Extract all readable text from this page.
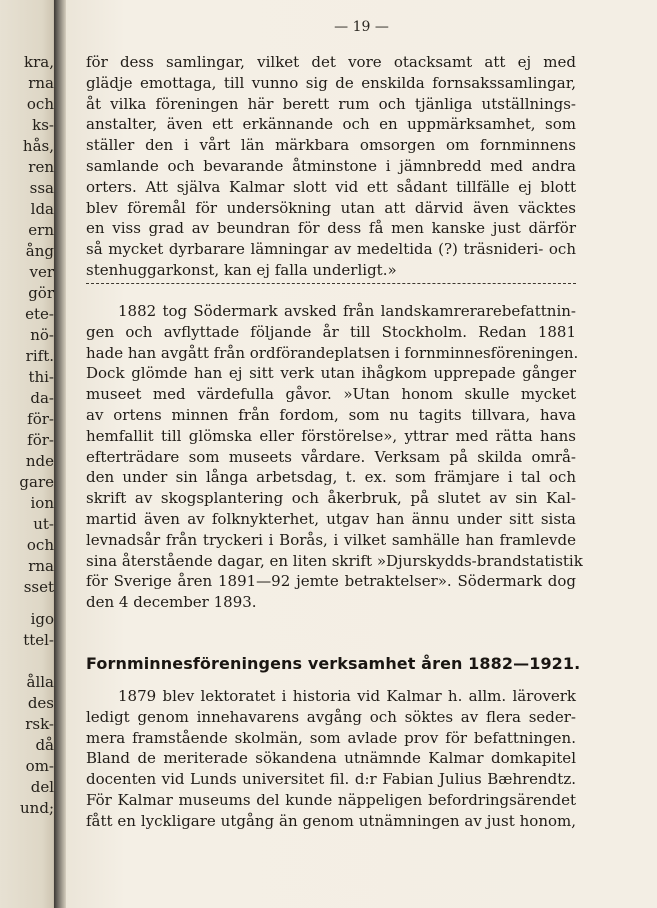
kra,
rna
och
ks-
hås,
ren
ssa
lda
ern
ång
ver
gör
ete-
nö-
rift.
thi-
da-
för-
för-
nde
gare
ion
ut-
och
rna
sset
igo
ttel-
ålla
des
rsk-
då
om-
del
und;
— 19 —
för dess samlingar, vilket det vore otacksamt att ej med
glädje emottaga, till vunno sig de enskilda fornsakssamlingar,
åt vilka föreningen här berett rum och tjänliga utställnings-
anstalter, även ett erkännande och en uppmärksamhet, som
ställer den i vårt län märkbara omsorgen om fornminnens
samlande och bevarande åtminstone i jämnbredd med andra
orters. Att själva Kalmar slott vid ett sådant tillfälle ej blott
blev föremål för undersökning utan att därvid även väcktes
en viss grad av beundran för dess få men kanske just därför
så mycket dyrbarare lämningar av medeltida (?) träsnideri- och
stenhuggarkonst, kan ej falla underligt.»
1882 tog Södermark avsked från landskamrerarebefattnin-
gen och avflyttade följande år till Stockholm. Redan 1881
hade han avgått från ordförandeplatsen i fornminnesföreningen.
Dock glömde han ej sitt verk utan ihågkom upprepade gånger
museet med värdefulla gåvor. »Utan honom skulle mycket
av ortens minnen från fordom, som nu tagits tillvara, hava
hemfallit till glömska eller förstörelse», yttrar med rätta hans
efterträdare som museets vårdare. Verksam på skilda områ-
den under sin långa arbetsdag, t. ex. som främjare i tal och
skrift av skogsplantering och åkerbruk, på slutet av sin Kal-
martid även av folknykterhet, utgav han ännu under sitt sista
levnadsår från tryckeri i Borås, i vilket samhälle han framlevde
sina återstående dagar, en liten skrift »Djurskydds-brandstatistik
för Sverige åren 1891—92 jemte betraktelser». Södermark dog
den 4 december 1893.
Fornminnesföreningens verksamhet åren 1882—1921.
1879 blev lektoratet i historia vid Kalmar h. allm. läroverk
ledigt genom innehavarens avgång och söktes av flera seder-
mera framstående skolmän, som avlade prov för befattningen.
Bland de meriterade sökandena utnämnde Kalmar domkapitel
docenten vid Lunds universitet fil. d:r Fabian Julius Bæhrendtz.
För Kalmar museums del kunde näppeligen befordringsärendet
fått en lyckligare utgång än genom utnämningen av just honom,
